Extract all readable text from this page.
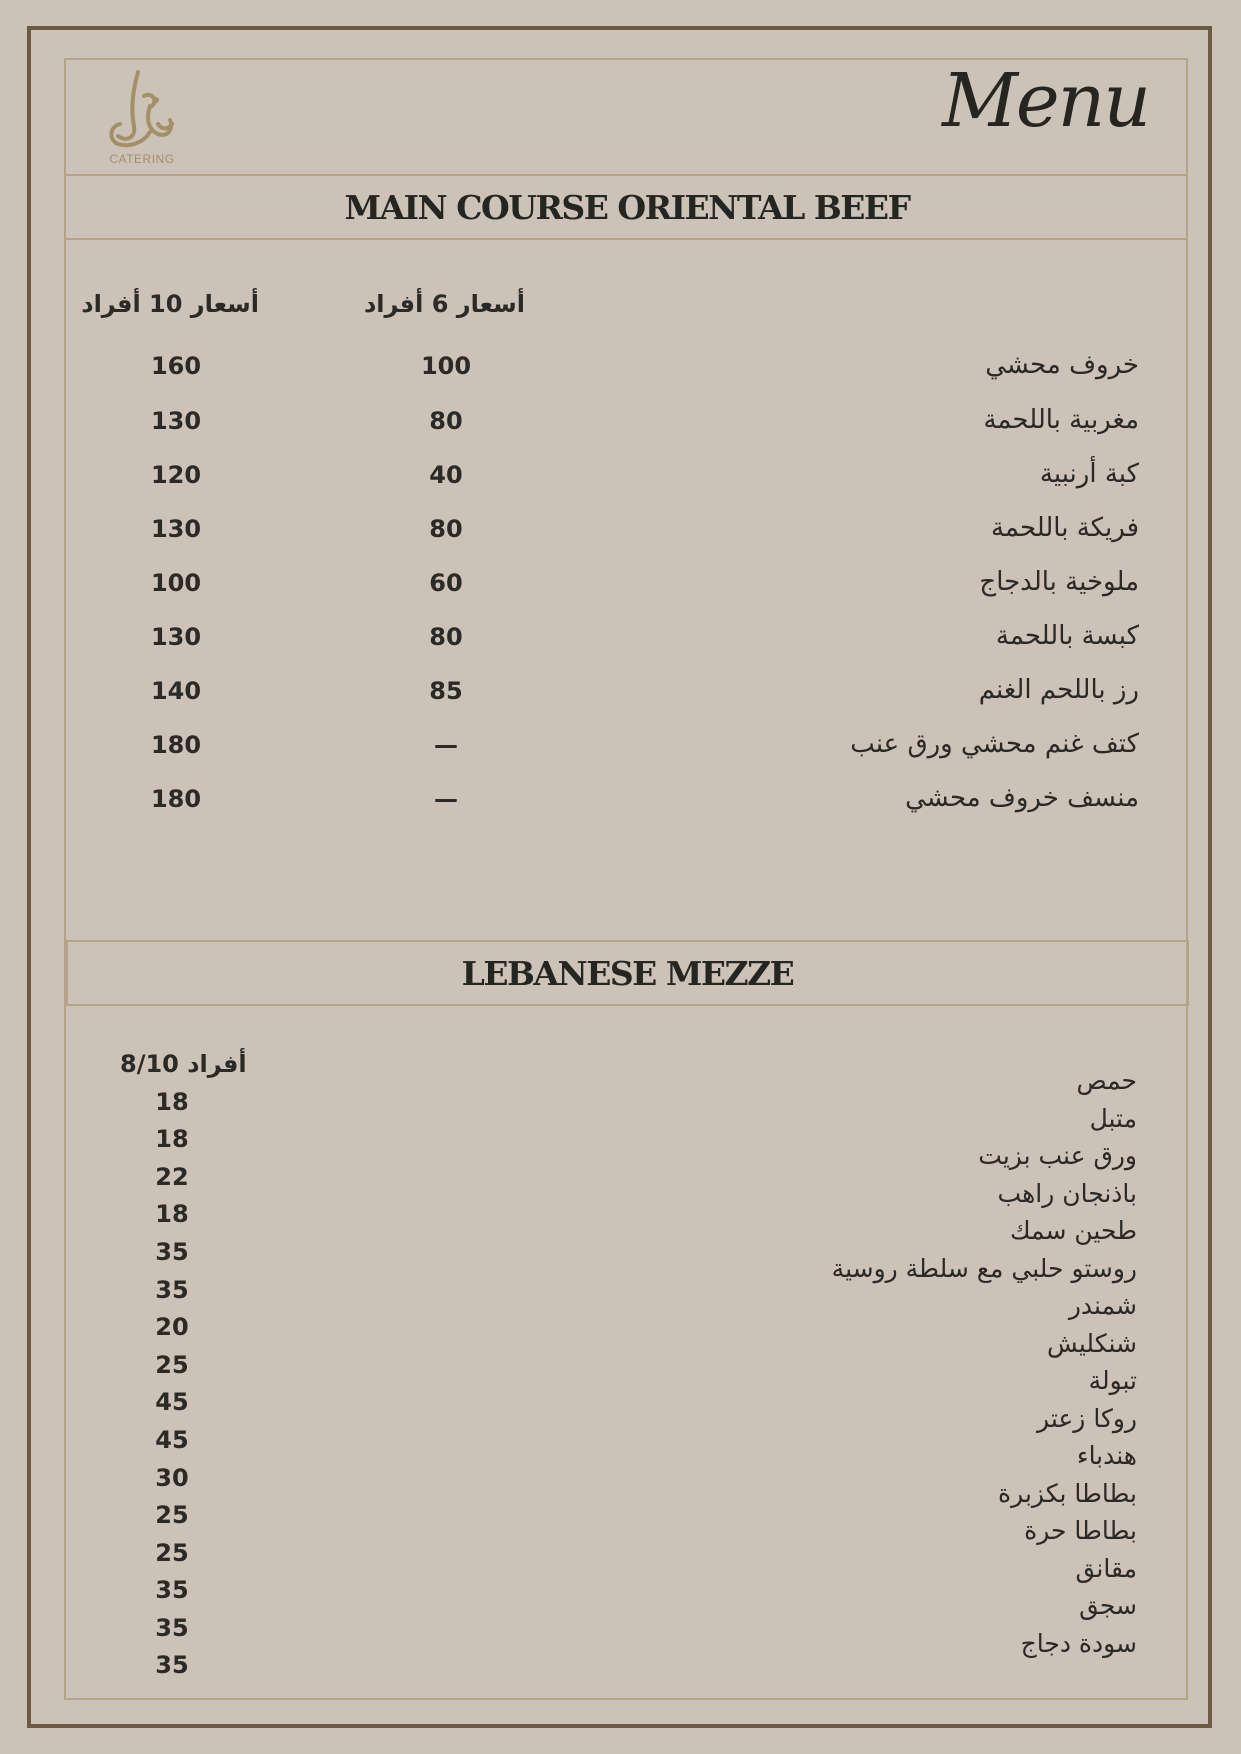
CATERING
Menu
MAIN COURSE ORIENTAL BEEF
أسعار 6 أفراد
أسعار 10 أفراد
خروف محشي
100
160
مغربية باللحمة
80
130
كبة أرنبية
40
120
فريكة باللحمة
80
130
ملوخية بالدجاج
60
100
كبسة باللحمة
80
130
رز باللحم الغنم
85
140
كتف غنم محشي ورق عنب
—
180
منسف خروف محشي
—
180
LEBANESE MEZZE
8/10 أفراد
حمص
18
متبل
18
ورق عنب بزيت
22
باذنجان راهب
18
طحين سمك
35
روستو حلبي مع سلطة روسية
35
شمندر
20
شنكليش
25
تبولة
45
روكا زعتر
45
هندباء
30
بطاطا بكزبرة
25
بطاطا حرة
25
مقانق
35
سجق
35
سودة دجاج
35
